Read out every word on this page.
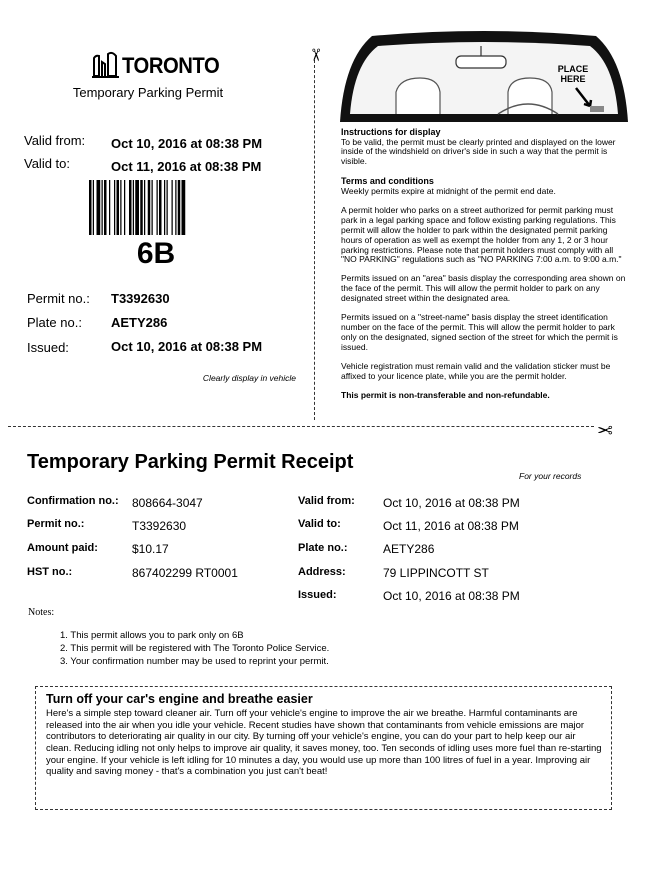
TORONTO
Temporary Parking Permit
Valid from: Oct 10, 2016 at 08:38 PM
Valid to:	Oct 11, 2016 at 08:38 PM
6B
Permit no.: T3392630
Plate no.: AETY286
Issued:	Oct 10, 2016 at 08:38 PM
Clearly display in vehicle
✂
✂
PLACE
HERE
Instructions for display

To be valid, the permit must be clearly printed and displayed on the lower inside of the windshield on driver's side in such a way that the permit is visible.

Terms and conditions

Weekly permits expire at midnight of the permit end date.

A permit holder who parks on a street authorized for permit parking must park in a legal parking space and follow existing parking regulations. This permit will allow the holder to park within the designated permit parking hours of operation as well as exempt the holder from any 1, 2 or 3 hour parking restrictions. Please note that permit holders must comply with all "NO PARKING" regulations such as "NO PARKING 7:00 a.m. to 9:00 a.m."

Permits issued on an "area" basis display the corresponding area shown on the face of the permit. This will allow the permit holder to park on any designated street within the designated area.

Permits issued on a "street-name" basis display the street identification number on the face of the permit. This will allow the permit holder to park only on the designated, signed section of the street for which the permit is issued.

Vehicle registration must remain valid and the validation sticker must be affixed to your licence plate, while you are the permit holder.

This permit is non-transferable and non-refundable.

Temporary Parking Permit Receipt
For your records
Confirmation no.: 808664-3047
Permit no.:	T3392630
Amount paid:	$10.17
HST no.:	867402299 RT0001
Valid from: Oct 10, 2016 at 08:38 PM
Valid to:	Oct 11, 2016 at 08:38 PM
Plate no.:	AETY286
Address:	79 LIPPINCOTT ST
Issued:	Oct 10, 2016 at 08:38 PM
Notes:
1. This permit allows you to park only on 6B
2. This permit will be registered with The Toronto Police Service.
3. Your confirmation number may be used to reprint your permit.
Turn off your car's engine and breathe easier
Here's a simple step toward cleaner air. Turn off your vehicle's engine to improve the air we breathe. Harmful contaminants are released into the air when you idle your vehicle. Recent studies have shown that contaminants from vehicle emissions are major contributors to deteriorating air quality in our city. By turning off your vehicle's engine, you can do your part to help keep our air clean. Reducing idling not only helps to improve air quality, it saves money, too. Ten seconds of idling uses more fuel than re-starting your engine. If your vehicle is left idling for 10 minutes a day, you would use up more than 100 litres of fuel in a year. Improving air quality and saving money - that's a combination you just can't beat!
